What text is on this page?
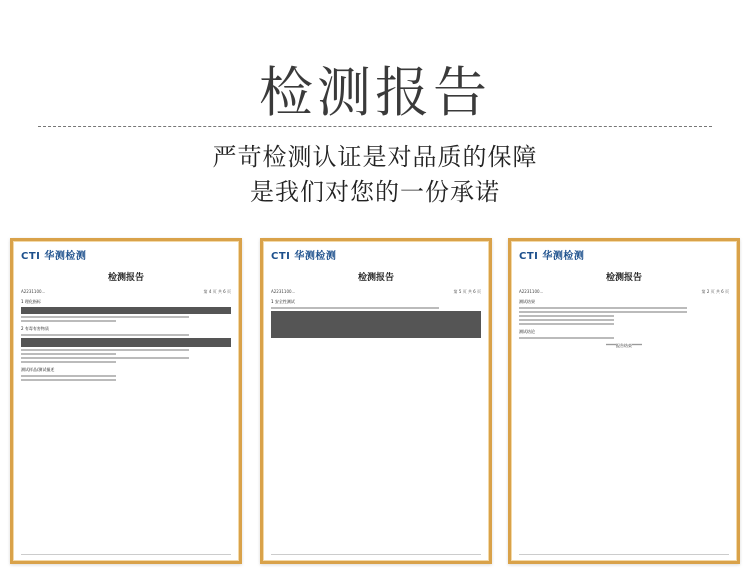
检测报告
严苛检测认证是对品质的保障
是我们对您的一份承诺
CTI 华测检测
检测报告
A2231100...	第 4 页 共 6 页
1 理化指标

2 有毒有害物质

测试样品/测试描述
CTI 华测检测
检测报告
A2231100...	第 5 页 共 6 页
1 安全性测试

CTI 华测检测
检测报告
A2231100...	第 2 页 共 6 页
测试结果
测试结论
*****报告结束*****
